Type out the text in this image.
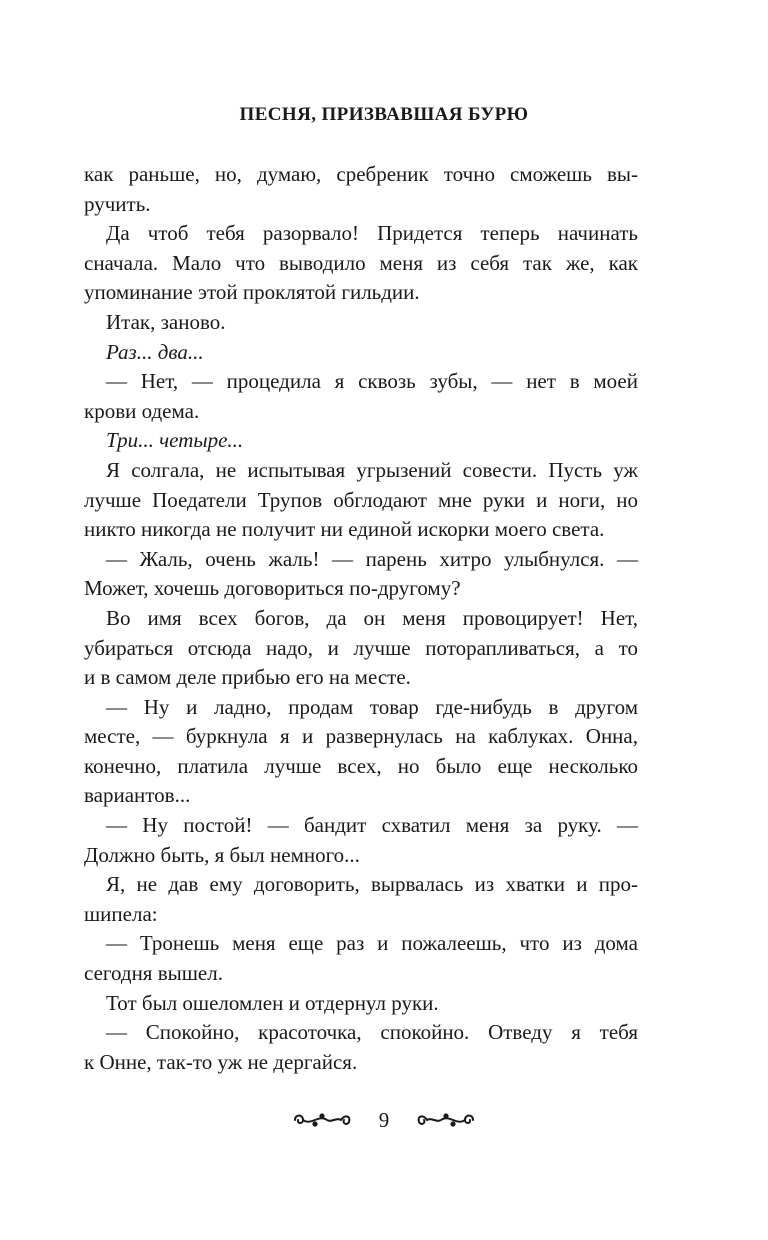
ПЕСНЯ, ПРИЗВАВШАЯ БУРЮ
как раньше, но, думаю, сребреник точно сможешь вы-
ручить.
Да чтоб тебя разорвало! Придется теперь начинать
сначала. Мало что выводило меня из себя так же, как
упоминание этой проклятой гильдии.
Итак, заново.
Раз... два...
— Нет, — процедила я сквозь зубы, — нет в моей
крови одема.
Три... четыре...
Я солгала, не испытывая угрызений совести. Пусть уж
лучше Поедатели Трупов обглодают мне руки и ноги, но
никто никогда не получит ни единой искорки моего света.
— Жаль, очень жаль! — парень хитро улыбнулся. —
Может, хочешь договориться по-другому?
Во имя всех богов, да он меня провоцирует! Нет,
убираться отсюда надо, и лучше поторапливаться, а то
и в самом деле прибью его на месте.
— Ну и ладно, продам товар где-нибудь в другом
месте, — буркнула я и развернулась на каблуках. Онна,
конечно, платила лучше всех, но было еще несколько
вариантов...
— Ну постой! — бандит схватил меня за руку. —
Должно быть, я был немного...
Я, не дав ему договорить, вырвалась из хватки и про-
шипела:
— Тронешь меня еще раз и пожалеешь, что из дома
сегодня вышел.
Тот был ошеломлен и отдернул руки.
— Спокойно, красоточка, спокойно. Отведу я тебя
к Онне, так-то уж не дергайся.
9
